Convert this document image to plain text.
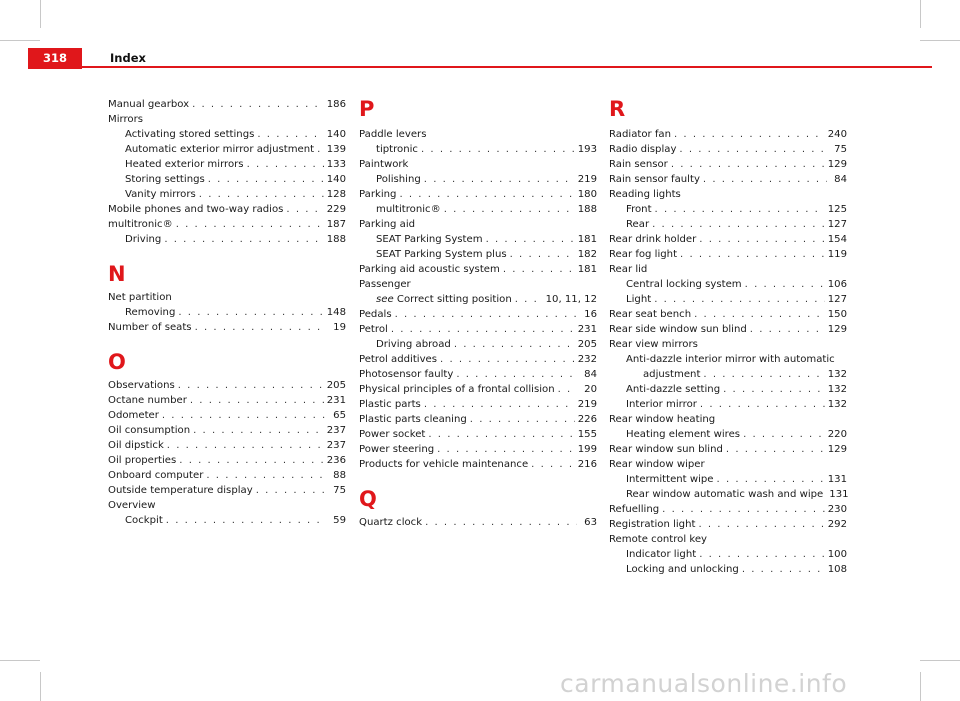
318	Index
Manual gearbox . . .	186
Mirrors
Activating stored settings . . .	140
Automatic exterior mirror adjustment . . . 139
Heated exterior mirrors . . .	133
Storing settings . . .	140
Vanity mirrors . . .	128
Mobile phones and two-way radios . . .	229
multitronic® . . .	187
Driving . . .	188
N
Net partition
Removing . . .	148
Number of seats . . .	19
O
Observations . . .	205
Octane number . . .	231
Odometer . . .	65
Oil consumption . . .	237
Oil dipstick . . .	237
Oil properties . . .	236
Onboard computer . . .	88
Outside temperature display . . .	75
Overview
Cockpit . . .	59
P
Paddle levers
tiptronic . . .	193
Paintwork
Polishing . . .	219
Parking . . .	180
multitronic® . . .	188
Parking aid
SEAT Parking System . . .	181
SEAT Parking System plus . . .	182
Parking aid acoustic system . . .	181
Passenger
see Correct sitting position . . .	10, 11, 12
Pedals . . .	16
Petrol . . .	231
Driving abroad . . .	205
Petrol additives . . .	232
Photosensor faulty . . .	84
Physical principles of a frontal collision . . .	20
Plastic parts . . .	219
Plastic parts cleaning . . .	226
Power socket . . .	155
Power steering . . .	199
Products for vehicle maintenance . . .	216
Q
Quartz clock . . .	63
R
Radiator fan . . .	240
Radio display . . .	75
Rain sensor . . .	129
Rain sensor faulty . . .	84
Reading lights
Front . . .	125
Rear . . .	127
Rear drink holder . . .	154
Rear fog light . . .	119
Rear lid
Central locking system . . .	106
Light . . .	127
Rear seat bench . . .	150
Rear side window sun blind . . .	129
Rear view mirrors
Anti-dazzle interior mirror with automatic
adjustment . . .	132
Anti-dazzle setting . . .	132
Interior mirror . . .	132
Rear window heating
Heating element wires . . .	220
Rear window sun blind . . .	129
Rear window wiper
Intermittent wipe . . .	131
Rear window automatic wash and wipe 131
Refuelling . . .	230
Registration light . . .	292
Remote control key
Indicator light . . .	100
Locking and unlocking . . .	108
carmanualsonline.info
